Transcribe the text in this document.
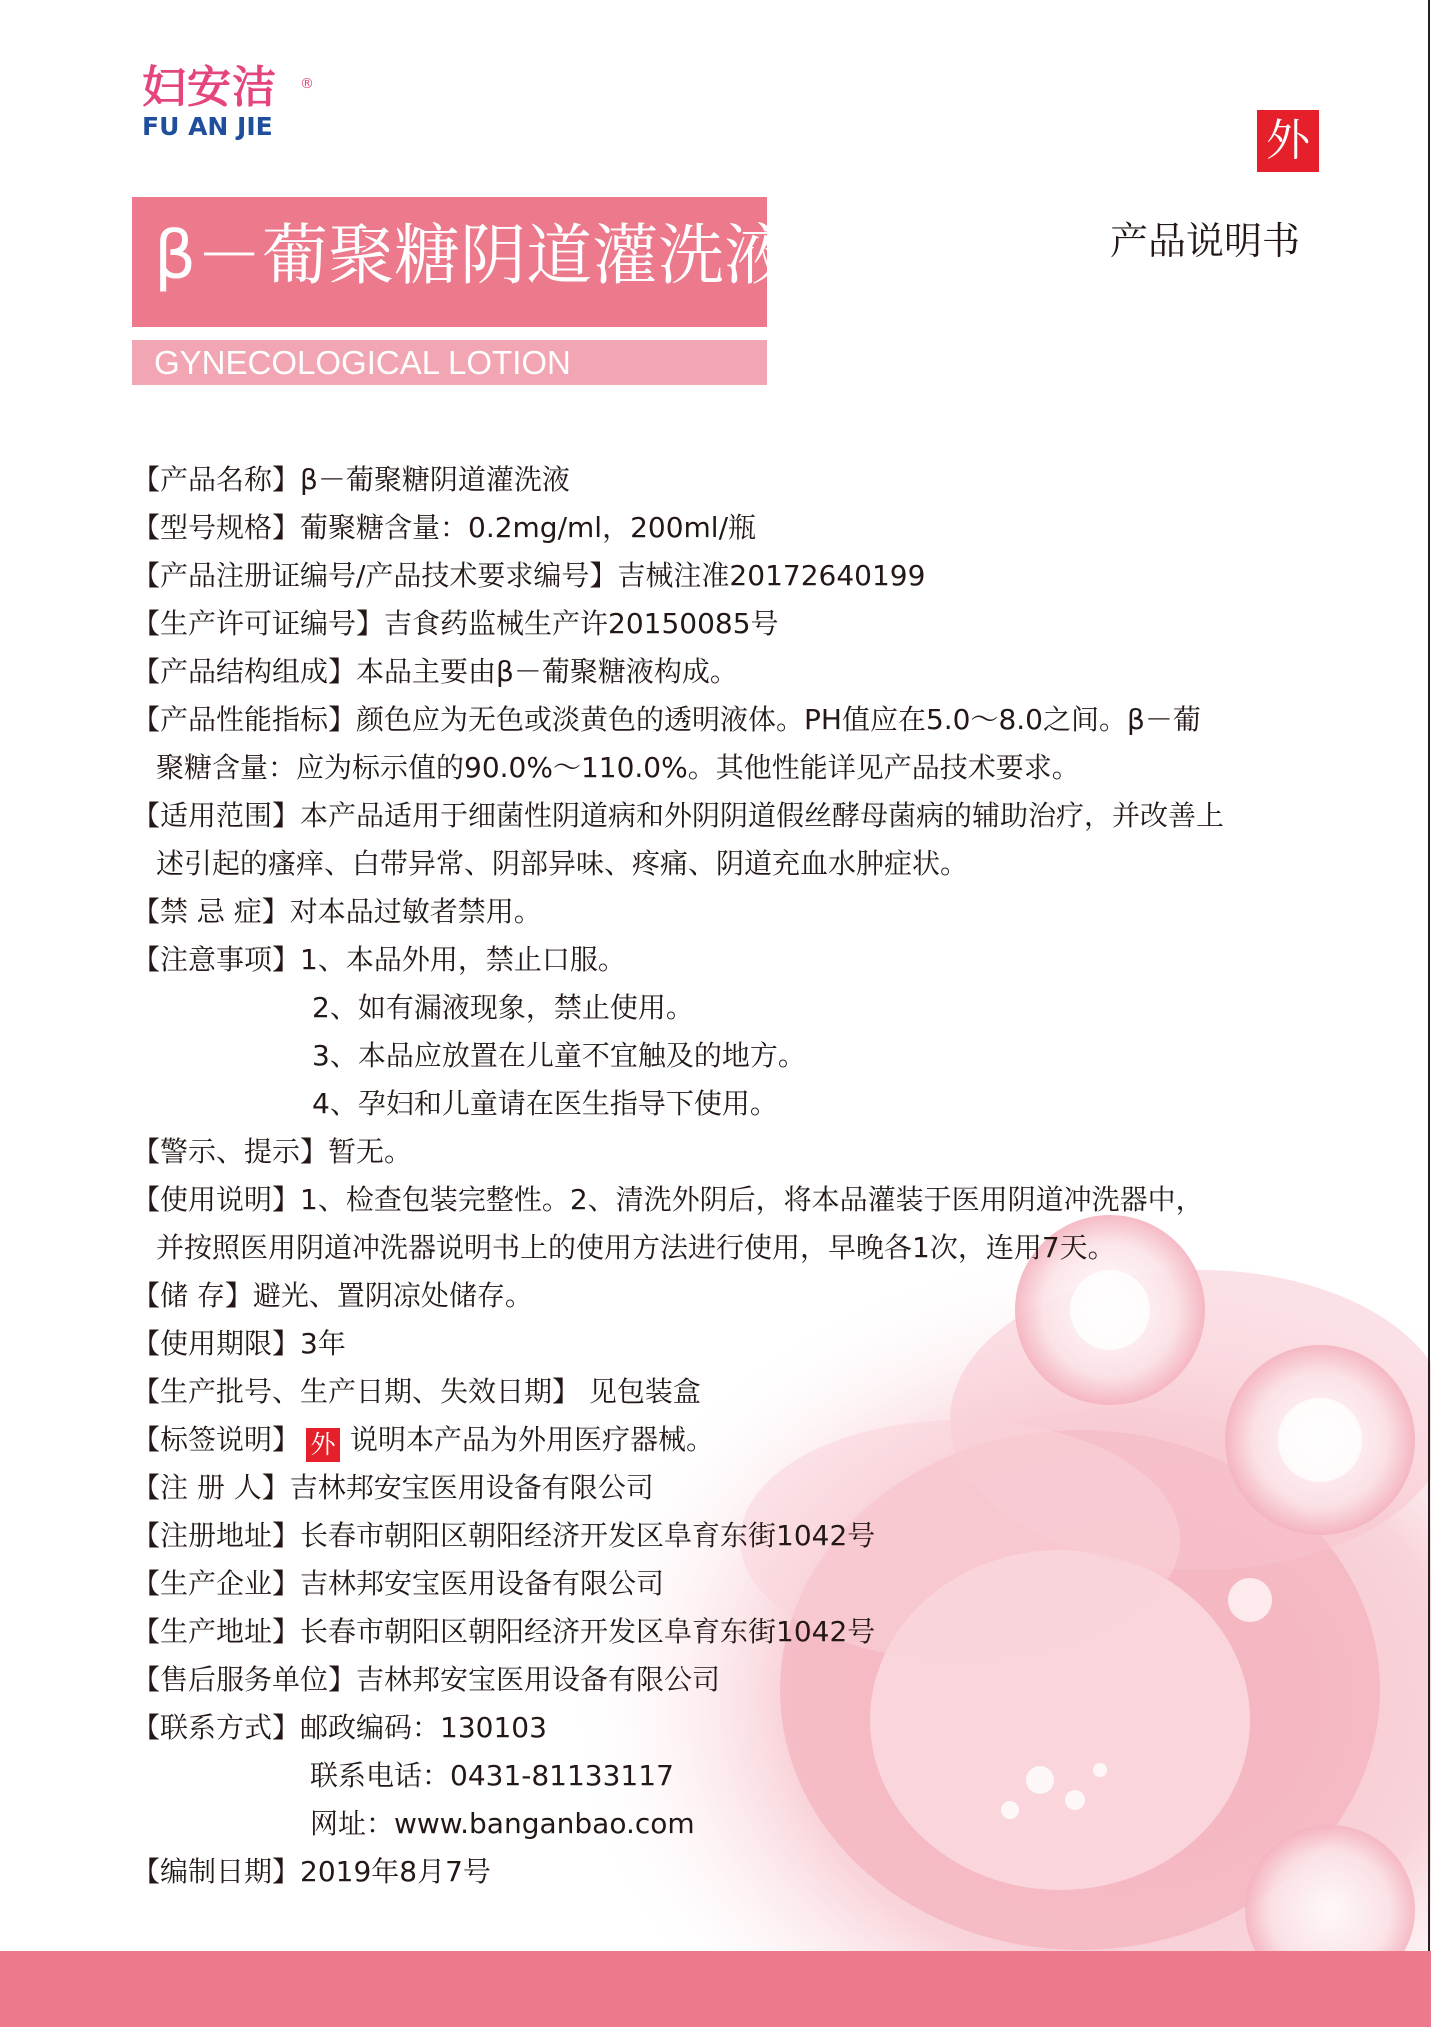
妇安洁 ®
FU AN JIE
β－葡聚糖阴道灌洗液
GYNECOLOGICAL LOTION
外
产品说明书
【产品名称】β－葡聚糖阴道灌洗液
【型号规格】葡聚糖含量：0.2mg/ml，200ml/瓶
【产品注册证编号/产品技术要求编号】吉械注准20172640199
【生产许可证编号】吉食药监械生产许20150085号
【产品结构组成】本品主要由β－葡聚糖液构成。
【产品性能指标】颜色应为无色或淡黄色的透明液体。PH值应在5.0～8.0之间。β－葡
聚糖含量：应为标示值的90.0%～110.0%。其他性能详见产品技术要求。
【适用范围】本产品适用于细菌性阴道病和外阴阴道假丝酵母菌病的辅助治疗，并改善上
述引起的瘙痒、白带异常、阴部异味、疼痛、阴道充血水肿症状。
【禁 忌 症】对本品过敏者禁用。
【注意事项】1、本品外用，禁止口服。
2、如有漏液现象，禁止使用。
3、本品应放置在儿童不宜触及的地方。
4、孕妇和儿童请在医生指导下使用。
【警示、提示】暂无。
【使用说明】1、检查包装完整性。2、清洗外阴后，将本品灌装于医用阴道冲洗器中，
并按照医用阴道冲洗器说明书上的使用方法进行使用，早晚各1次，连用7天。
【储 存】避光、置阴凉处储存。
【使用期限】3年
【生产批号、生产日期、失效日期】 见包装盒
【标签说明】 外 说明本产品为外用医疗器械。
【注 册 人】吉林邦安宝医用设备有限公司
【注册地址】长春市朝阳区朝阳经济开发区阜育东街1042号
【生产企业】吉林邦安宝医用设备有限公司
【生产地址】长春市朝阳区朝阳经济开发区阜育东街1042号
【售后服务单位】吉林邦安宝医用设备有限公司
【联系方式】邮政编码：130103
联系电话：0431-81133117
网址：www.banganbao.com
【编制日期】2019年8月7号
